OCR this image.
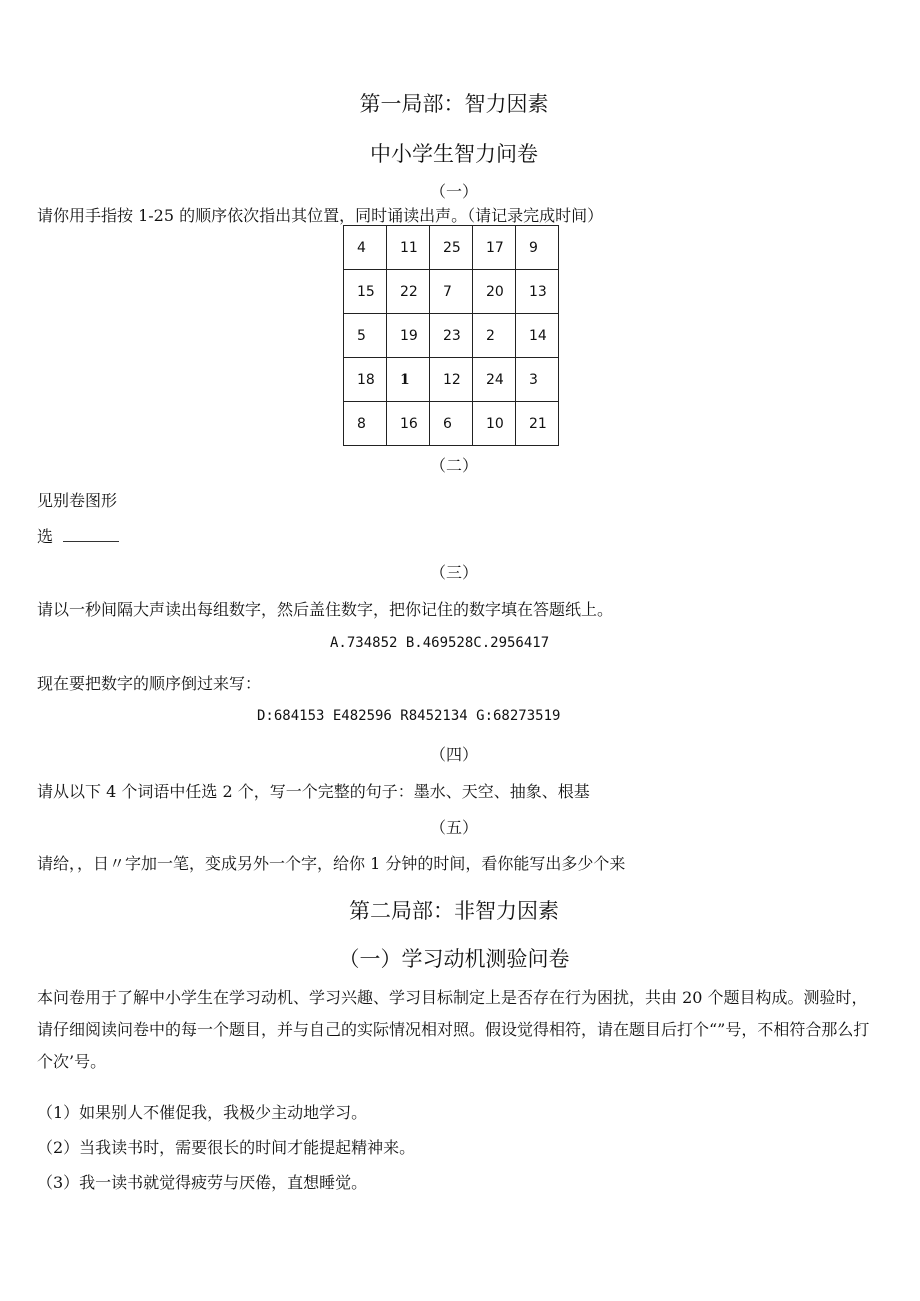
第一局部：智力因素
中小学生智力问卷
（一）
请你用手指按 1-25 的顺序依次指出其位置，同时诵读出声。（请记录完成时间）
4	11	25	17	9
15	22	7	20	13
5	19	23	2	14
18	1	12	24	3
8	16	6	10	21
（二）
见别卷图形
选
（三）
请以一秒间隔大声读出每组数字，然后盖住数字，把你记住的数字填在答题纸上。
A.734852 B.469528C.2956417
现在要把数字的顺序倒过来写：
D:684153 E482596 R8452134 G:68273519
（四）
请从以下 4 个词语中任选 2 个，写一个完整的句子：墨水、天空、抽象、根基
（五）
请给，，日〃字加一笔，变成另外一个字，给你 1 分钟的时间，看你能写出多少个来
第二局部：非智力因素
（一）学习动机测验问卷
本问卷用于了解中小学生在学习动机、学习兴趣、学习目标制定上是否存在行为困扰，共由 20 个题目构成。测验时，请仔细阅读问卷中的每一个题目，并与自己的实际情况相对照。假设觉得相符，请在题目后打个“”号，不相符合那么打个次’号。
（1）如果别人不催促我，我极少主动地学习。
（2）当我读书时，需要很长的时间才能提起精神来。
（3）我一读书就觉得疲劳与厌倦，直想睡觉。
